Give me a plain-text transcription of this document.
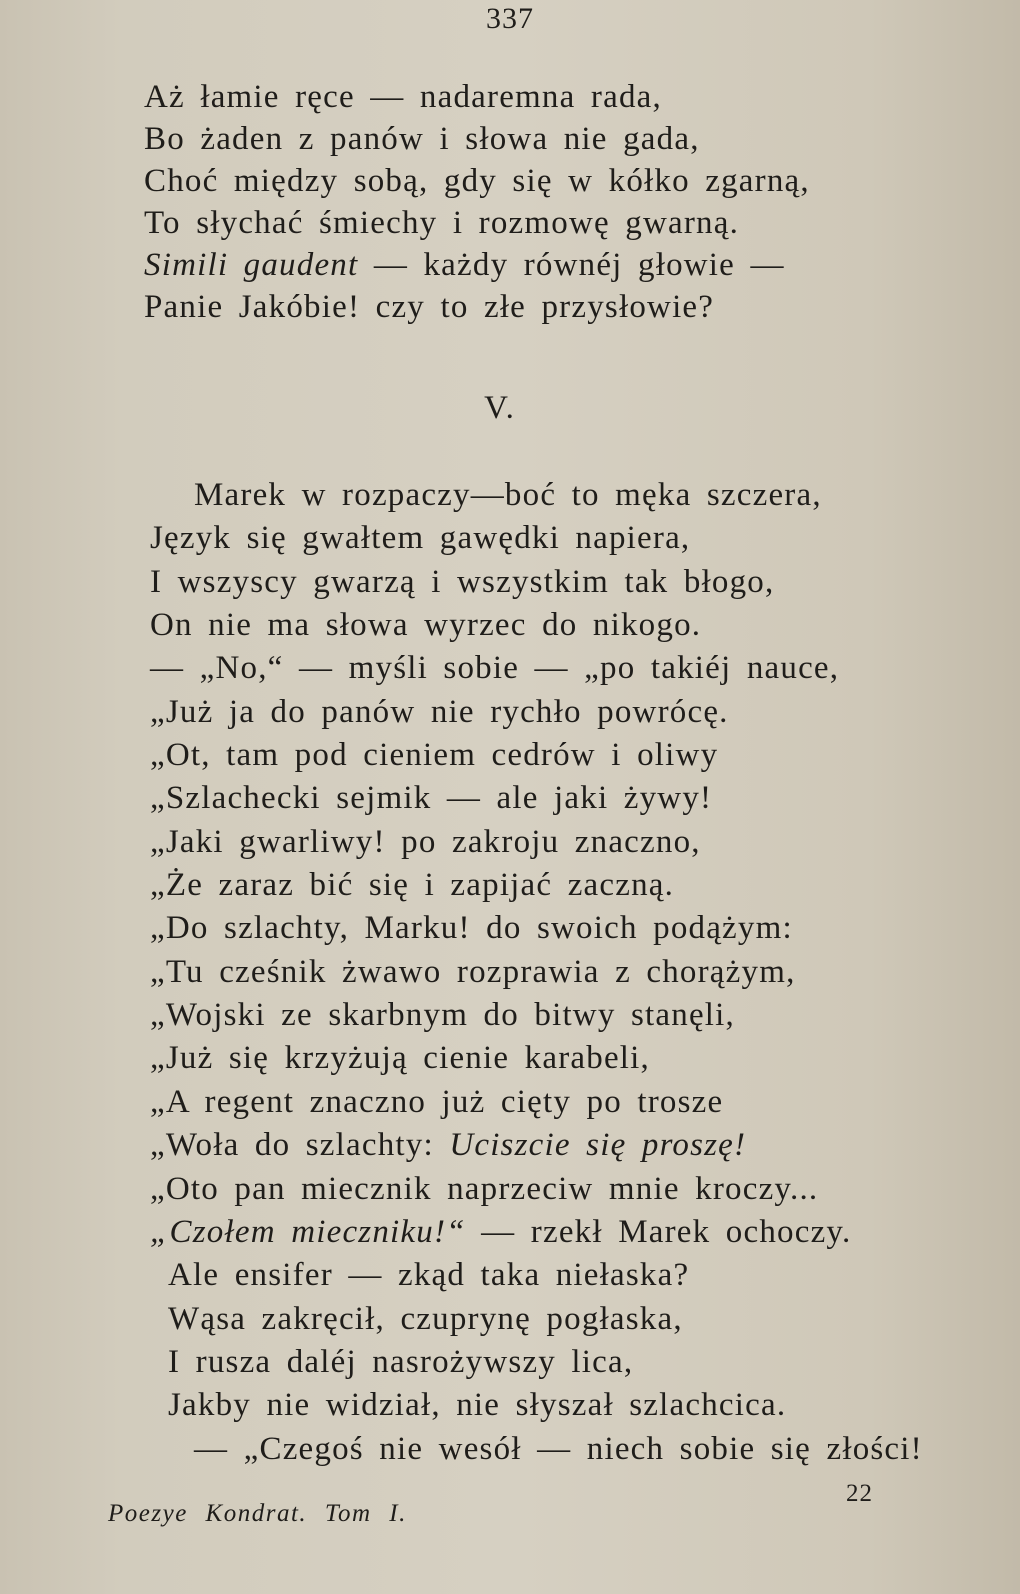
337
Aż łamie ręce — nadaremna rada,
Bo żaden z panów i słowa nie gada,
Choć między sobą, gdy się w kółko zgarną,
To słychać śmiechy i rozmowę gwarną.
Simili gaudent — każdy równéj głowie —
Panie Jakóbie! czy to złe przysłowie?
V.
Marek w rozpaczy—boć to męka szczera,
Język się gwałtem gawędki napiera,
I wszyscy gwarzą i wszystkim tak błogo,
On nie ma słowa wyrzec do nikogo.
— „No,“ — myśli sobie — „po takiéj nauce,
„Już ja do panów nie rychło powrócę.
„Ot, tam pod cieniem cedrów i oliwy
„Szlachecki sejmik — ale jaki żywy!
„Jaki gwarliwy! po zakroju znaczno,
„Że zaraz bić się i zapijać zaczną.
„Do szlachty, Marku! do swoich podążym:
„Tu cześnik żwawo rozprawia z chorążym,
„Wojski ze skarbnym do bitwy stanęli,
„Już się krzyżują cienie karabeli,
„A regent znaczno już cięty po trosze
„Woła do szlachty: Uciszcie się proszę!
„Oto pan miecznik naprzeciw mnie kroczy...
„Czołem miecznikuǃ“ — rzekł Marek ochoczy.
Ale ensifer — zkąd taka niełaska?
Wąsa zakręcił, czuprynę pogłaska,
I rusza daléj nasrożywszy lica,
Jakby nie widział, nie słyszał szlachcica.
— „Czegoś nie wesół — niech sobie się złości!
Poezye Kondrat. Tom I.
22
